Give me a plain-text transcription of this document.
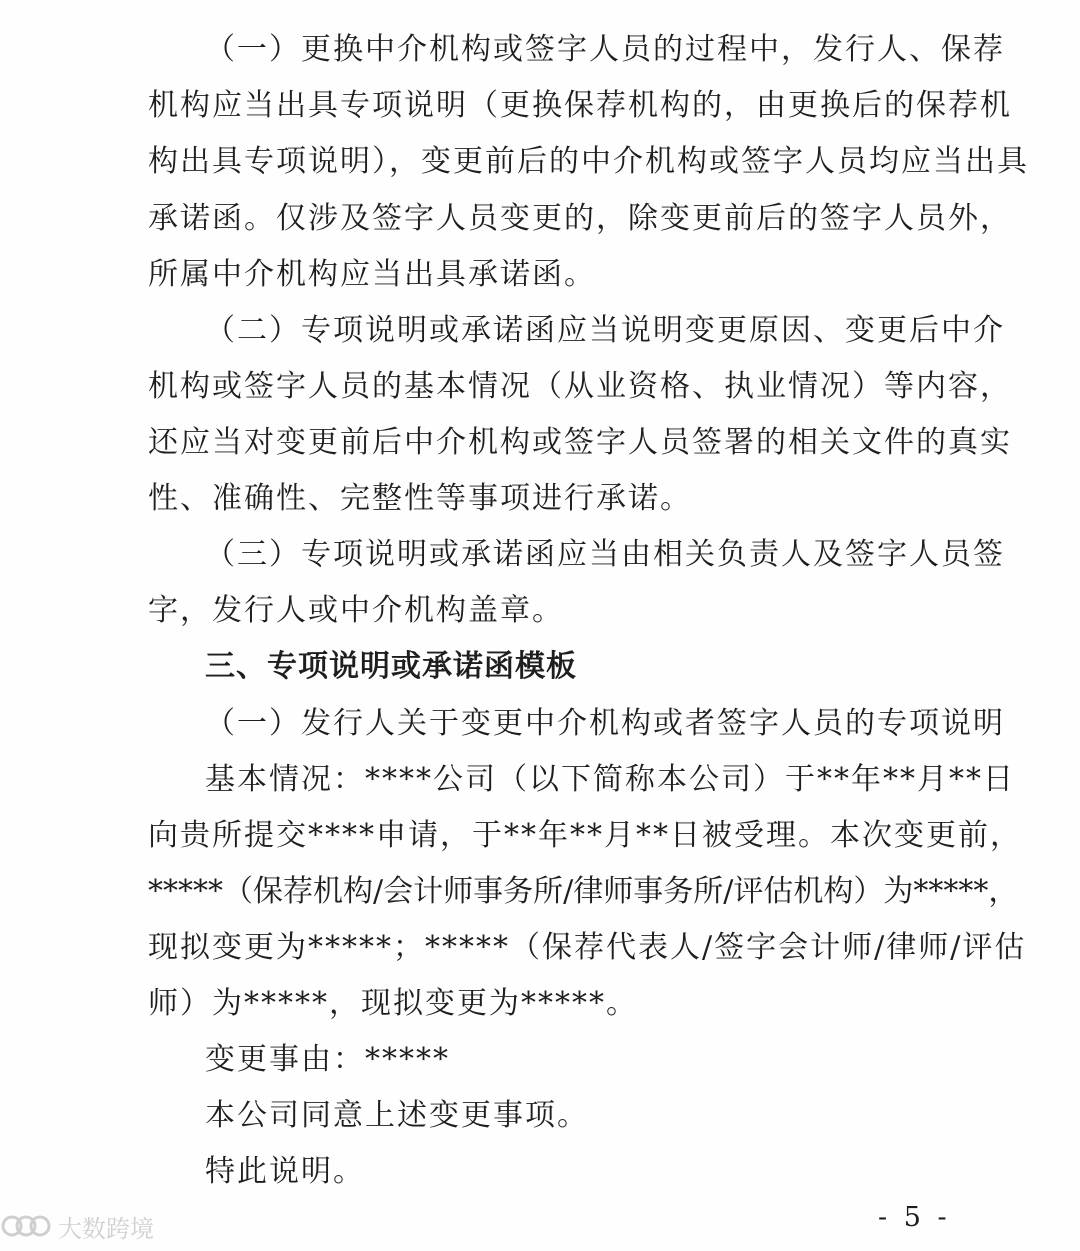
（一）更换中介机构或签字人员的过程中，发行人、保荐
机构应当出具专项说明（更换保荐机构的，由更换后的保荐机
构出具专项说明），变更前后的中介机构或签字人员均应当出具
承诺函。仅涉及签字人员变更的，除变更前后的签字人员外，
所属中介机构应当出具承诺函。
（二）专项说明或承诺函应当说明变更原因、变更后中介
机构或签字人员的基本情况（从业资格、执业情况）等内容，
还应当对变更前后中介机构或签字人员签署的相关文件的真实
性、准确性、完整性等事项进行承诺。
（三）专项说明或承诺函应当由相关负责人及签字人员签
字，发行人或中介机构盖章。
三、专项说明或承诺函模板
（一）发行人关于变更中介机构或者签字人员的专项说明
基本情况：****公司（以下简称本公司）于**年**月**日
向贵所提交****申请，于**年**月**日被受理。本次变更前，
*****（保荐机构/会计师事务所/律师事务所/评估机构）为*****，
现拟变更为*****；*****（保荐代表人/签字会计师/律师/评估
师）为*****，现拟变更为*****。
变更事由：*****
本公司同意上述变更事项。
特此说明。
- 5 -
大数跨境
